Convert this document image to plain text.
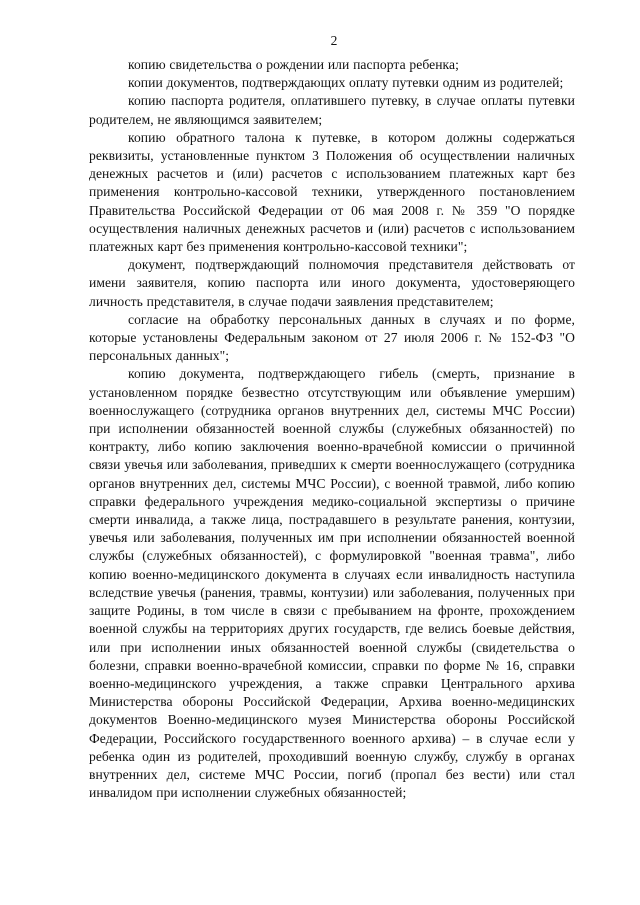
2

копию свидетельства о рождении или паспорта ребенка;

копии документов, подтверждающих оплату путевки одним из родителей;

копию паспорта родителя, оплатившего путевку, в случае оплаты путевки родителем, не являющимся заявителем;

копию обратного талона к путевке, в котором должны содержаться реквизиты, установленные пунктом 3 Положения об осуществлении наличных денежных расчетов и (или) расчетов с использованием платежных карт без применения контрольно-кассовой техники, утвержденного постановлением Правительства Российской Федерации от 06 мая 2008 г. № 359 "О порядке осуществления наличных денежных расчетов и (или) расчетов с использованием платежных карт без применения контрольно-кассовой техники";

документ, подтверждающий полномочия представителя действовать от имени заявителя, копию паспорта или иного документа, удостоверяющего личность представителя, в случае подачи заявления представителем;

согласие на обработку персональных данных в случаях и по форме, которые установлены Федеральным законом от 27 июля 2006 г. № 152-ФЗ "О персональных данных";

копию документа, подтверждающего гибель (смерть, признание в установленном порядке безвестно отсутствующим или объявление умершим) военнослужащего (сотрудника органов внутренних дел, системы МЧС России) при исполнении обязанностей военной службы (служебных обязанностей) по контракту, либо копию заключения военно-врачебной комиссии о причинной связи увечья или заболевания, приведших к смерти военнослужащего (сотрудника органов внутренних дел, системы МЧС России), с военной травмой, либо копию справки федерального учреждения медико-социальной экспертизы о причине смерти инвалида, а также лица, пострадавшего в результате ранения, контузии, увечья или заболевания, полученных им при исполнении обязанностей военной службы (служебных обязанностей), с формулировкой "военная травма", либо копию военно-медицинского документа в случаях если инвалидность наступила вследствие увечья (ранения, травмы, контузии) или заболевания, полученных при защите Родины, в том числе в связи с пребыванием на фронте, прохождением военной службы на территориях других государств, где велись боевые действия, или при исполнении иных обязанностей военной службы (свидетельства о болезни, справки военно-врачебной комиссии, справки по форме № 16, справки военно-медицинского учреждения, а также справки Центрального архива Министерства обороны Российской Федерации, Архива военно-медицинских документов Военно-медицинского музея Министерства обороны Российской Федерации, Российского государственного военного архива) – в случае если у ребенка один из родителей, проходивший военную службу, службу в органах внутренних дел, системе МЧС России, погиб (пропал без вести) или стал инвалидом при исполнении служебных обязанностей;
